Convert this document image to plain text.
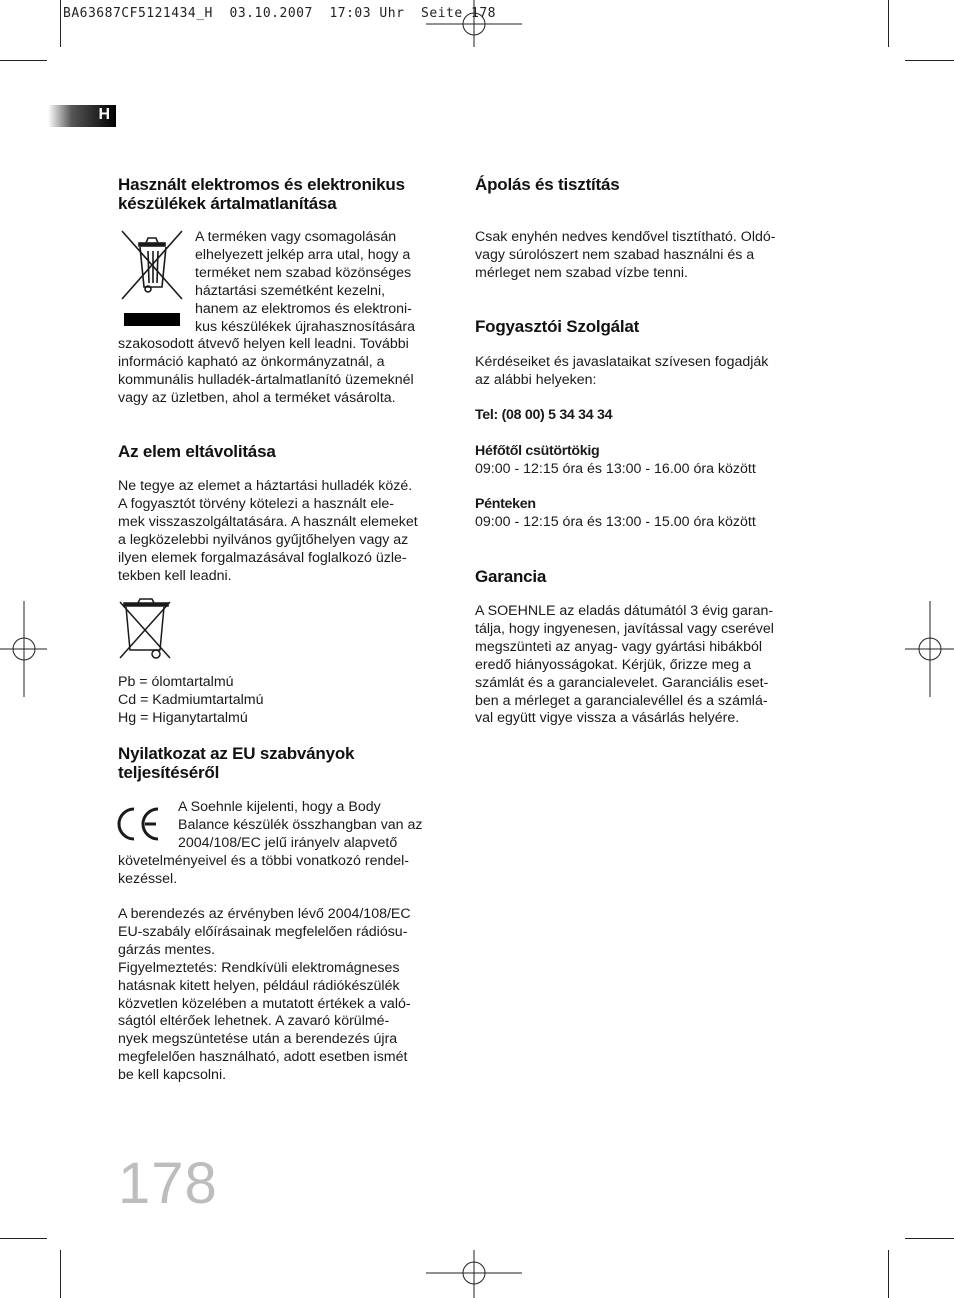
BA63687CF5121434_H  03.10.2007  17:03 Uhr  Seite 178
H
Használt elektromos és elektronikus
készülékek ártalmatlanítása
A terméken vagy csomagolásán
elhelyezett jelkép arra utal, hogy a
terméket nem szabad közönséges
háztartási szemétként kezelni,
hanem az elektromos és elektroni-
kus készülékek újrahasznosítására
szakosodott átvevő helyen kell leadni. További
információ kapható az önkormányzatnál, a
kommunális hulladék-ártalmatlanító üzemeknél
vagy az üzletben, ahol a terméket vásárolta.
Az elem eltávolitása
Ne tegye az elemet a háztartási hulladék közé.
A fogyasztót törvény kötelezi a használt ele-
mek visszaszolgáltatására. A használt elemeket
a legközelebbi nyilvános gyűjtőhelyen vagy az
ilyen elemek forgalmazásával foglalkozó üzle-
tekben kell leadni.
Pb = ólomtartalmú
Cd = Kadmiumtartalmú
Hg = Higanytartalmú
Nyilatkozat az EU szabványok
teljesítéséről
A Soehnle kijelenti, hogy a Body
Balance készülék összhangban van az
2004/108/EC jelű irányelv alapvető
követelményeivel és a többi vonatkozó rendel-
kezéssel.
A berendezés az érvényben lévő 2004/108/EC
EU-szabály előírásainak megfelelően rádiósu-
gárzás mentes.
Figyelmeztetés: Rendkívüli elektromágneses
hatásnak kitett helyen, például rádiókészülék
közvetlen közelében a mutatott értékek a való-
ságtól eltérőek lehetnek. A zavaró körülmé-
nyek megszüntetése után a berendezés újra
megfelelően használható, adott esetben ismét
be kell kapcsolni.
Ápolás és tisztítás
Csak enyhén nedves kendővel tisztítható. Oldó-
vagy súrolószert nem szabad használni és a
mérleget nem szabad vízbe tenni.
Fogyasztói Szolgálat
Kérdéseiket és javaslataikat szívesen fogadják
az alábbi helyeken:
Tel: (08 00) 5 34 34 34
Héfőtől csütörtökig
09:00 - 12:15 óra és 13:00 - 16.00 óra között
Pénteken
09:00 - 12:15 óra és 13:00 - 15.00 óra között
Garancia
A SOEHNLE az eladás dátumától 3 évig garan-
tálja, hogy ingyenesen, javítással vagy cserével
megszünteti az anyag- vagy gyártási hibákból
eredő hiányosságokat. Kérjük, őrizze meg a
számlát és a garancialevelet. Garanciális eset-
ben a mérleget a garancialevéllel és a számlá-
val együtt vigye vissza a vásárlás helyére.
178
